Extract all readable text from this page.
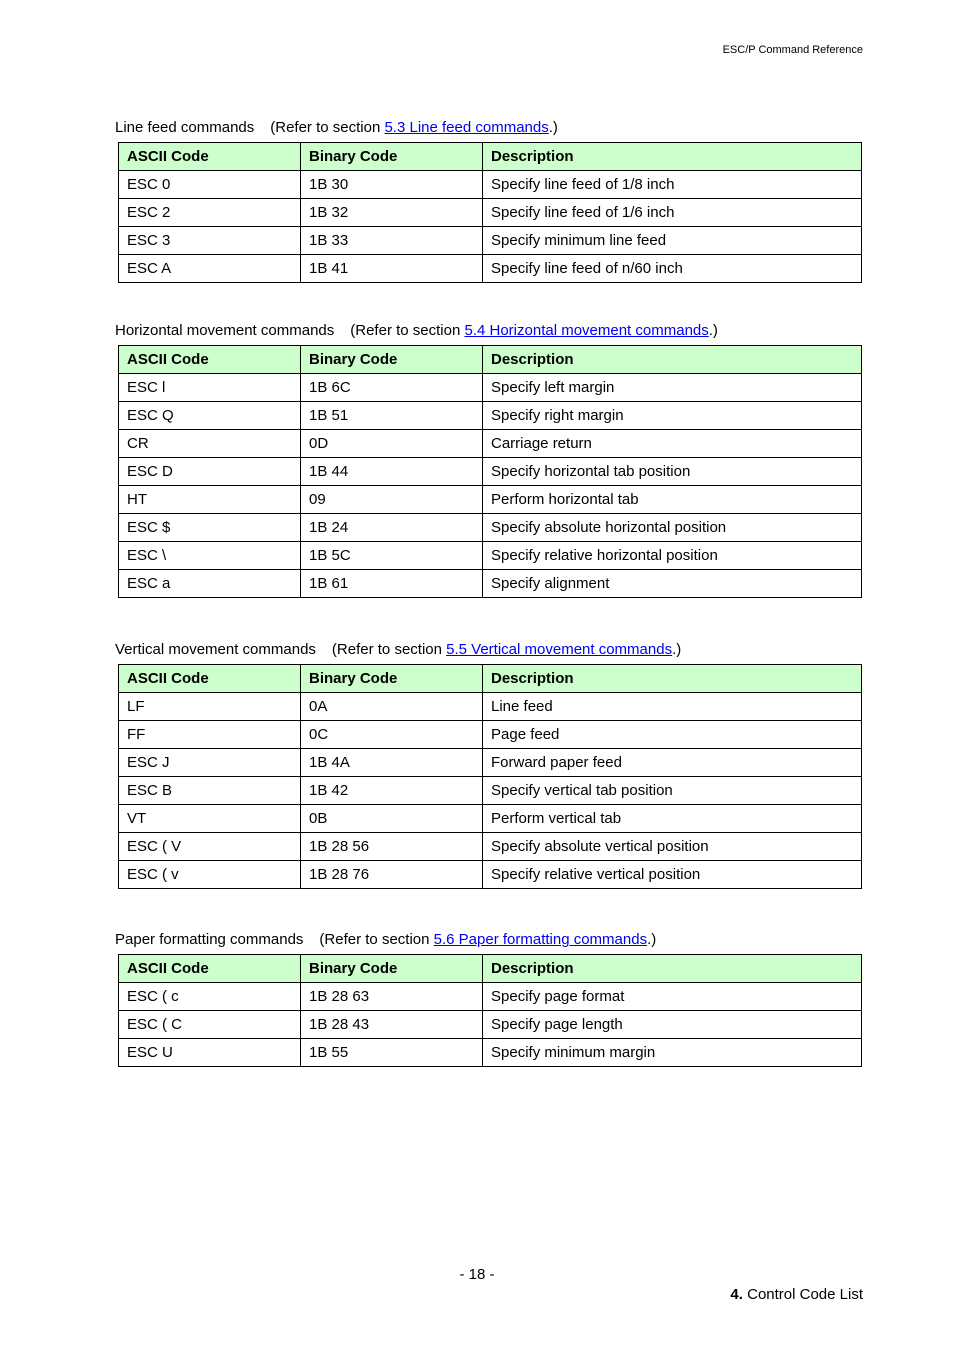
ESC/P Command Reference
Line feed commands (Refer to section 5.3 Line feed commands.)
ASCII Code	Binary Code	Description
ESC 0	1B 30	Specify line feed of 1/8 inch
ESC 2	1B 32	Specify line feed of 1/6 inch
ESC 3	1B 33	Specify minimum line feed
ESC A	1B 41	Specify line feed of n/60 inch
Horizontal movement commands (Refer to section 5.4 Horizontal movement commands.)
ASCII Code	Binary Code	Description
ESC l	1B 6C	Specify left margin
ESC Q	1B 51	Specify right margin
CR	0D	Carriage return
ESC D	1B 44	Specify horizontal tab position
HT	09	Perform horizontal tab
ESC $	1B 24	Specify absolute horizontal position
ESC \	1B 5C	Specify relative horizontal position
ESC a	1B 61	Specify alignment
Vertical movement commands (Refer to section 5.5 Vertical movement commands.)
ASCII Code	Binary Code	Description
LF	0A	Line feed
FF	0C	Page feed
ESC J	1B 4A	Forward paper feed
ESC B	1B 42	Specify vertical tab position
VT	0B	Perform vertical tab
ESC ( V	1B 28 56	Specify absolute vertical position
ESC ( v	1B 28 76	Specify relative vertical position
Paper formatting commands (Refer to section 5.6 Paper formatting commands.)
ASCII Code	Binary Code	Description
ESC ( c	1B 28 63	Specify page format
ESC ( C	1B 28 43	Specify page length
ESC U	1B 55	Specify minimum margin
- 18 -
4. Control Code List
